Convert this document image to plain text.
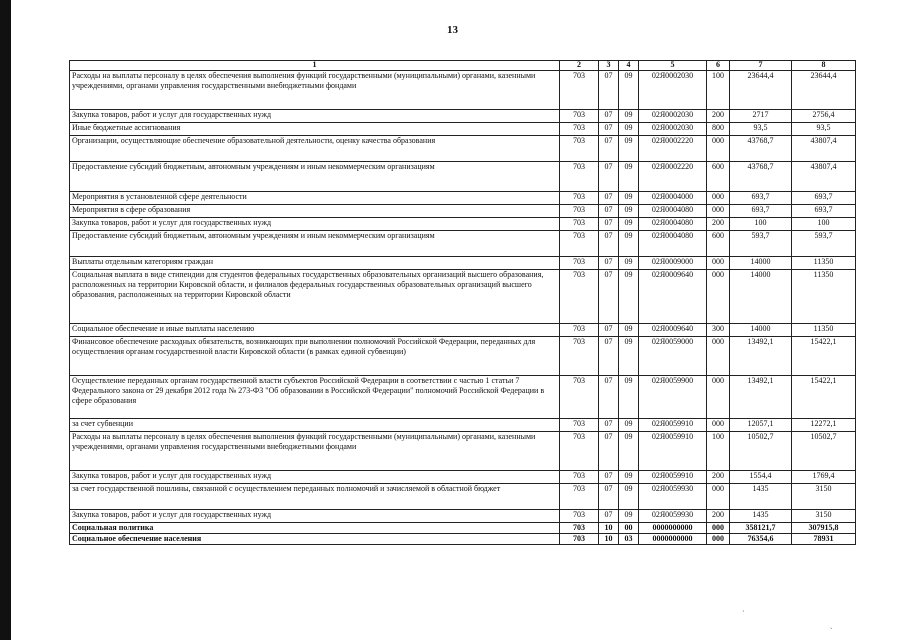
13
1	2	3	4	5	6	7	8
Расходы на выплаты персоналу в целях обеспечения выполнения функций государственными (муниципальными) органами, казенными учреждениями, органами управления государственными внебюджетными фондами	703	07	09	02Я0002030	100	23644,4	23644,4
Закупка товаров, работ и услуг для государственных нужд	703	07	09	02Я0002030	200	2717	2756,4
Иные бюджетные ассигнования	703	07	09	02Я0002030	800	93,5	93,5
Организации, осуществляющие обеспечение образовательной деятельности, оценку качества образования	703	07	09	02Я0002220	000	43768,7	43807,4
Предоставление субсидий бюджетным, автономным учреждениям и иным некоммерческим организациям	703	07	09	02Я0002220	600	43768,7	43807,4
Мероприятия в установленной сфере деятельности	703	07	09	02Я0004000	000	693,7	693,7
Мероприятия в сфере образования	703	07	09	02Я0004080	000	693,7	693,7
Закупка товаров, работ и услуг для государственных нужд	703	07	09	02Я0004080	200	100	100
Предоставление субсидий бюджетным, автономным учреждениям и иным некоммерческим организациям	703	07	09	02Я0004080	600	593,7	593,7
Выплаты отдельным категориям граждан	703	07	09	02Я0009000	000	14000	11350
Социальная выплата в виде стипендии для студентов федеральных государственных образовательных организаций высшего образования, расположенных на территории Кировской области, и филиалов федеральных государственных образовательных организаций высшего образования, расположенных на территории Кировской области	703	07	09	02Я0009640	000	14000	11350
Социальное обеспечение и иные выплаты населению	703	07	09	02Я0009640	300	14000	11350
Финансовое обеспечение расходных обязательств, возникающих при выполнении полномочий Российской Федерации, переданных для осуществления органам государственной власти Кировской области (в рамках единой субвенции)	703	07	09	02Я0059000	000	13492,1	15422,1
Осуществление переданных органам государственной власти субъектов Российской Федерации в соответствии с частью 1 статьи 7 Федерального закона от 29 декабря 2012 года № 273-ФЗ "Об образовании в Российской Федерации" полномочий Российской Федерации в сфере образования	703	07	09	02Я0059900	000	13492,1	15422,1
за счет субвенции	703	07	09	02Я0059910	000	12057,1	12272,1
Расходы на выплаты персоналу в целях обеспечения выполнения функций государственными (муниципальными) органами, казенными учреждениями, органами управления государственными внебюджетными фондами	703	07	09	02Я0059910	100	10502,7	10502,7
Закупка товаров, работ и услуг для государственных нужд	703	07	09	02Я0059910	200	1554,4	1769,4
за счет государственной пошлины, связанной с осуществлением переданных полномочий и зачисляемой в областной бюджет	703	07	09	02Я0059930	000	1435	3150
Закупка товаров, работ и услуг для государственных нужд	703	07	09	02Я0059930	200	1435	3150
Социальная политика	703	10	00	0000000000	000	358121,7	307915,8
Социальное обеспечение населения	703	10	03	0000000000	000	76354,6	78931
·
ˏ
